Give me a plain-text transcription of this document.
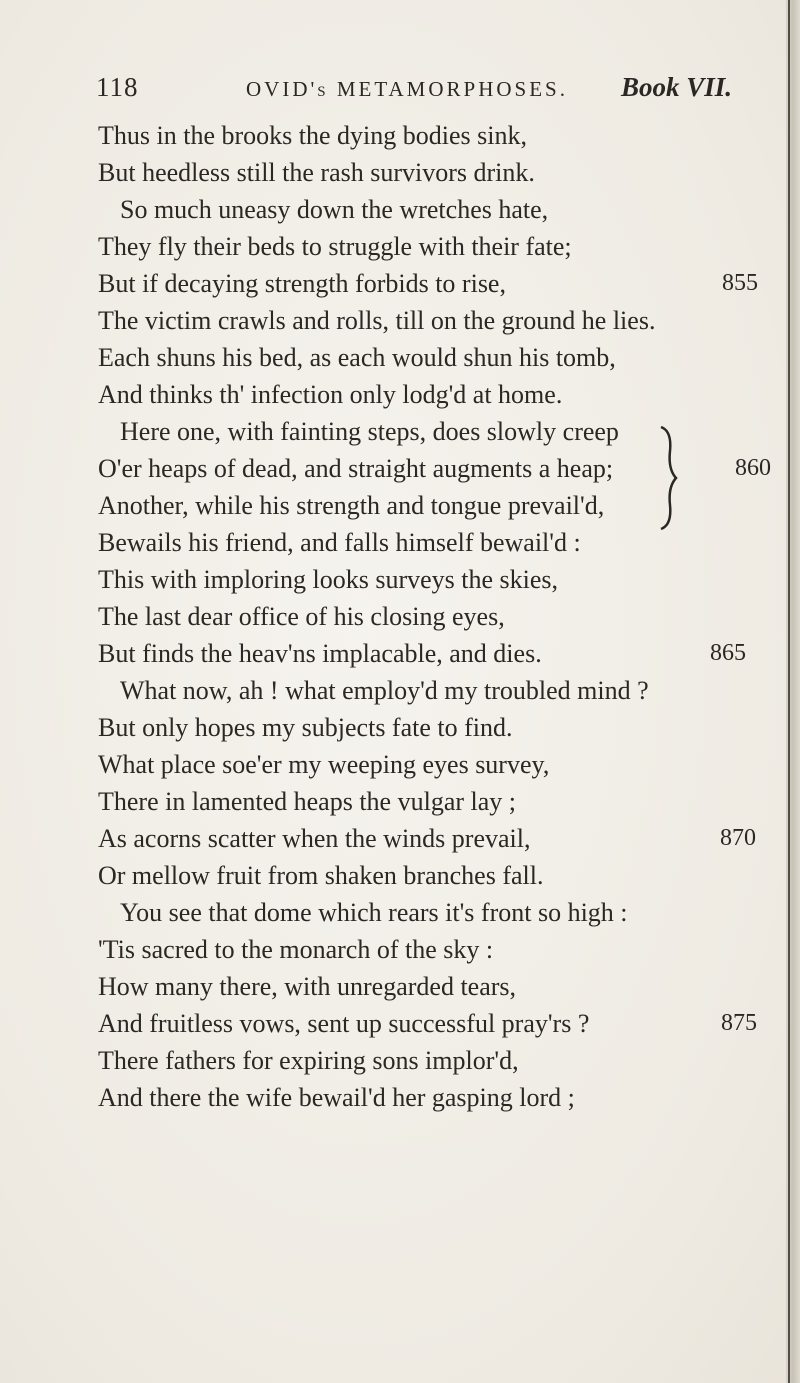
118	OVID's METAMORPHOSES. Book VII.
Thus in the brooks the dying bodies sink,
But heedless still the rash survivors drink.
So much uneasy down the wretches hate,
They fly their beds to struggle with their fate;
But if decaying strength forbids to rise,	855
The victim crawls and rolls, till on the ground he lies.
Each shuns his bed, as each would shun his tomb,
And thinks th' infection only lodg'd at home.
Here one, with fainting steps, does slowly creep
O'er heaps of dead, and straight augments a heap;	860
Another, while his strength and tongue prevail'd,
Bewails his friend, and falls himself bewail'd :
This with imploring looks surveys the skies,
The last dear office of his closing eyes,
But finds the heav'ns implacable, and dies.	865
What now, ah ! what employ'd my troubled mind ?
But only hopes my subjects fate to find.
What place soe'er my weeping eyes survey,
There in lamented heaps the vulgar lay ;
As acorns scatter when the winds prevail,	870
Or mellow fruit from shaken branches fall.
You see that dome which rears it's front so high :
'Tis sacred to the monarch of the sky :
How many there, with unregarded tears,
And fruitless vows, sent up successful pray'rs ?	875
There fathers for expiring sons implor'd,
And there the wife bewail'd her gasping lord ;
